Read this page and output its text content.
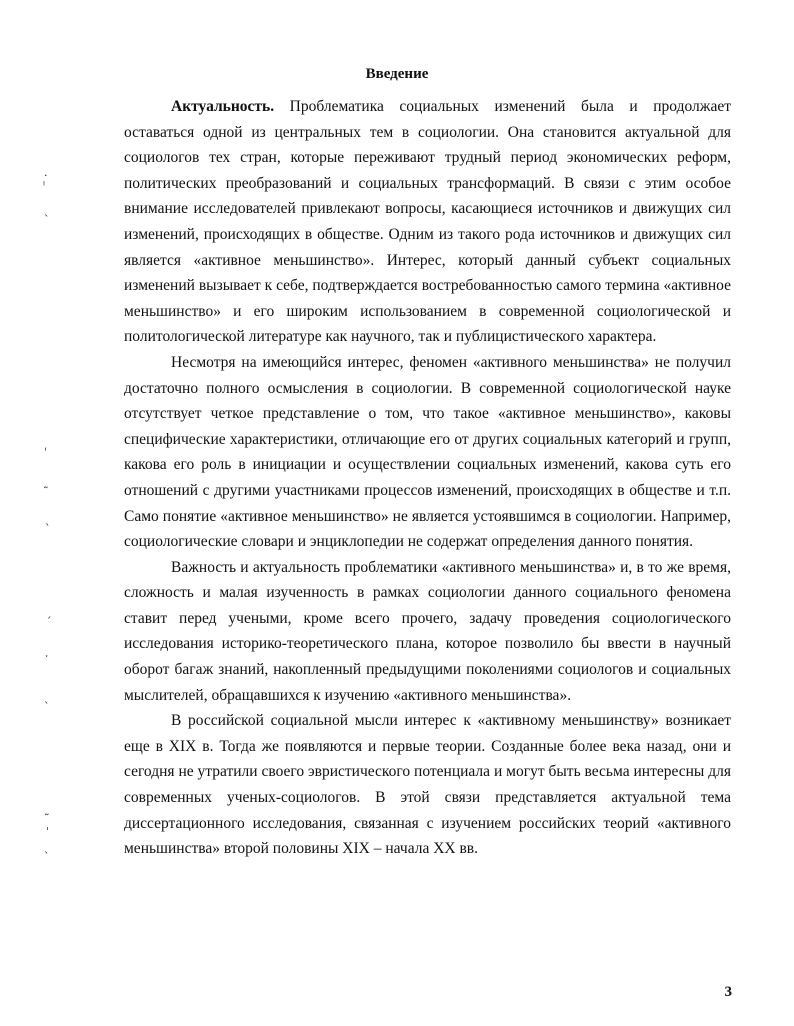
Введение

Актуальность. Проблематика социальных изменений была и продолжает оставаться одной из центральных тем в социологии. Она становится актуальной для социологов тех стран, которые переживают трудный период экономических реформ, политических преобразований и социальных трансформаций. В связи с этим особое внимание исследователей привлекают вопросы, касающиеся источников и движущих сил изменений, происходящих в обществе. Одним из такого рода источников и движущих сил является «активное меньшинство». Интерес, который данный субъект социальных изменений вызывает к себе, подтверждается востребованностью самого термина «активное меньшинство» и его широким использованием в современной социологической и политологической литературе как научного, так и публицистического характера.

Несмотря на имеющийся интерес, феномен «активного меньшинства» не получил достаточно полного осмысления в социологии. В современной социологической науке отсутствует четкое представление о том, что такое «активное меньшинство», каковы специфические характеристики, отличающие его от других социальных категорий и групп, какова его роль в инициации и осуществлении социальных изменений, какова суть его отношений с другими участниками процессов изменений, происходящих в обществе и т.п. Само понятие «активное меньшинство» не является устоявшимся в социологии. Например, социологические словари и энциклопедии не содержат определения данного понятия.

Важность и актуальность проблематики «активного меньшинства» и, в то же время, сложность и малая изученность в рамках социологии данного социального феномена ставит перед учеными, кроме всего прочего, задачу проведения социологического исследования историко-теоретического плана, которое позволило бы ввести в научный оборот багаж знаний, накопленный предыдущими поколениями социологов и социальных мыслителей, обращавшихся к изучению «активного меньшинства».

В российской социальной мысли интерес к «активному меньшинству» возникает еще в XIX в. Тогда же появляются и первые теории. Созданные более века назад, они и сегодня не утратили своего эвристического потенциала и могут быть весьма интересны для современных ученых-социологов. В этой связи представляется актуальной тема диссертационного исследования, связанная с изучением российских теорий «активного меньшинства» второй половины XIX – начала XX вв.

3
·
ˡ
ˎ
ˌ
˷
ˎ
ˊ
ˑ
ˎ
˷
ˈ
ˎ
